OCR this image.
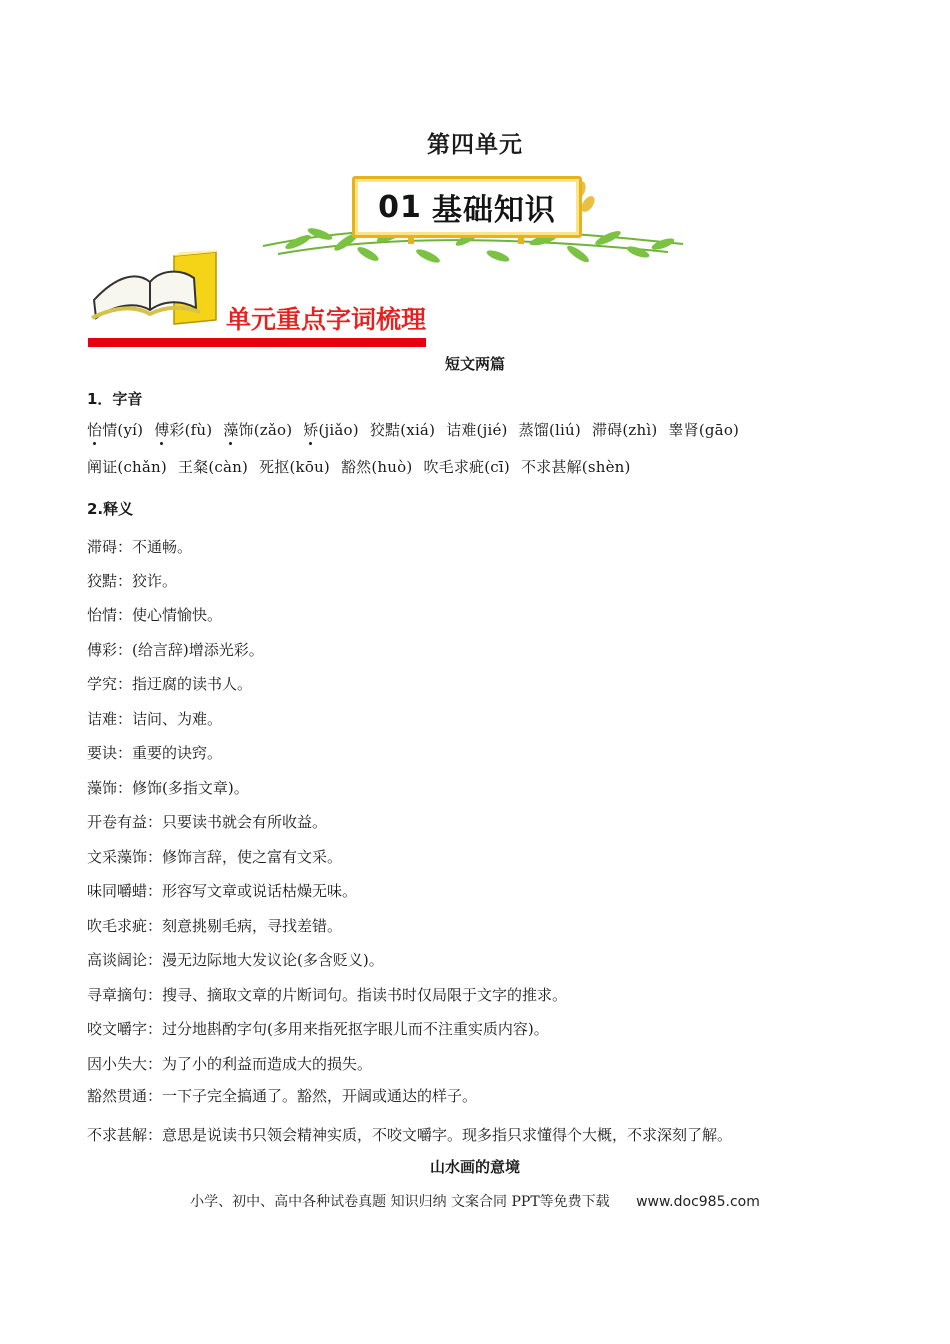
第四单元
01 基础知识
单元重点字词梳理
短文两篇
1．字音
怡情(yí) 傅彩(fù) 藻饰(zǎo) 矫(jiǎo) 狡黠(xiá) 诘难(jié) 蒸馏(liú) 滞碍(zhì) 睾肾(gāo)
阐证(chǎn) 王粲(càn) 死抠(kōu) 豁然(huò) 吹毛求疵(cī) 不求甚解(shèn)
2.释义
滞碍：不通畅。
狡黠：狡诈。
怡情：使心情愉快。
傅彩：(给言辞)增添光彩。
学究：指迂腐的读书人。
诘难：诘问、为难。
要诀：重要的诀窍。
藻饰：修饰(多指文章)。
开卷有益：只要读书就会有所收益。
文采藻饰：修饰言辞，使之富有文采。
味同嚼蜡：形容写文章或说话枯燥无味。
吹毛求疵：刻意挑剔毛病，寻找差错。
高谈阔论：漫无边际地大发议论(多含贬义)。
寻章摘句：搜寻、摘取文章的片断词句。指读书时仅局限于文字的推求。
咬文嚼字：过分地斟酌字句(多用来指死抠字眼儿而不注重实质内容)。
因小失大：为了小的利益而造成大的损失。
豁然贯通：一下子完全搞通了。豁然，开阔或通达的样子。
不求甚解：意思是说读书只领会精神实质，不咬文嚼字。现多指只求懂得个大概，不求深刻了解。
山水画的意境
小学、初中、高中各种试卷真题 知识归纳 文案合同 PPT等免费下载 www.doc985.com
